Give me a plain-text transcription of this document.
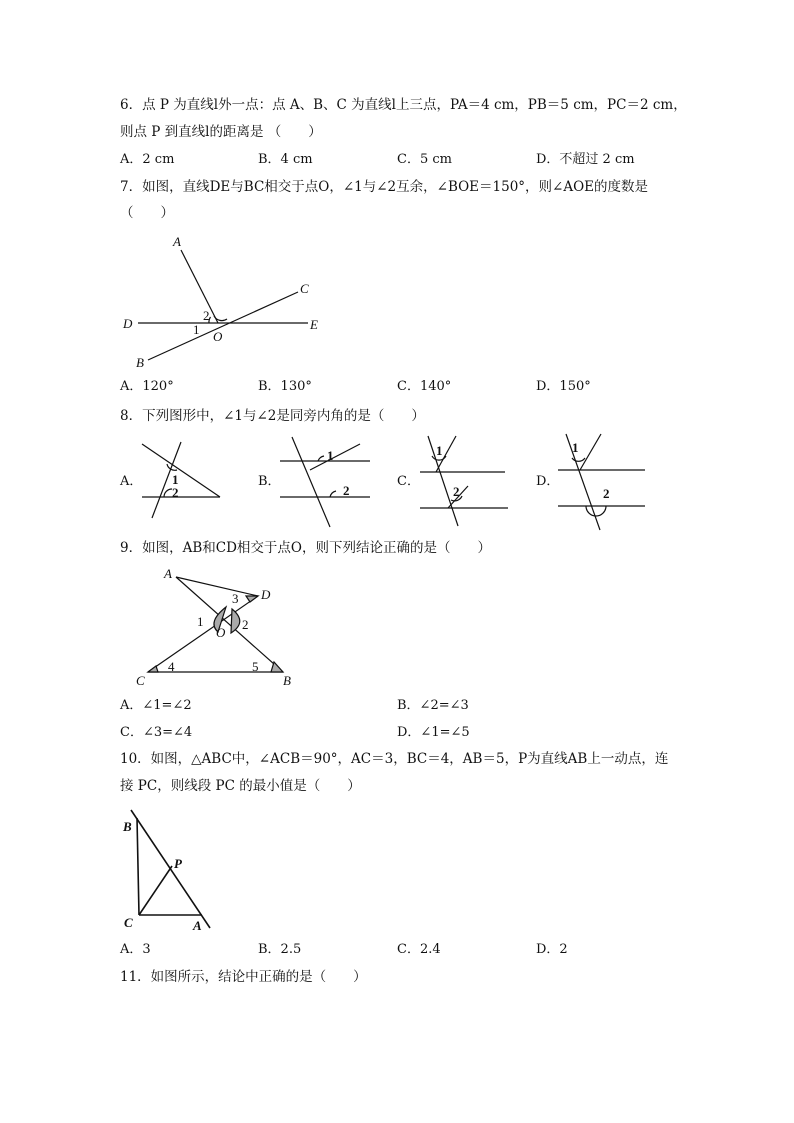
6．点 P 为直线l外一点：点 A、B、C 为直线l上三点，PA＝4 cm，PB＝5 cm，PC＝2 cm，
则点 P 到直线l的距离是 （　　）
A．2 cm	B．4 cm	C．5 cm	D．不超过 2 cm
7．如图，直线DE与BC相交于点O，∠1与∠2互余，∠BOE＝150°，则∠AOE的度数是
（　　）
A
C
D	E
B
O
1
2
A．120°	B．130°	C．140°	D．150°
8．下列图形中，∠1与∠2是同旁内角的是（　　）
A．	B．	C．	D．
1
2
1
2
1
2
1
2
9．如图，AB和CD相交于点O，则下列结论正确的是（　　）
A
D
O
C	B
1	2
3
4	5
A．∠1=∠2	B．∠2=∠3
C．∠3=∠4	D．∠1=∠5
10．如图，△ABC中，∠ACB＝90°，AC＝3，BC＝4，AB＝5，P为直线AB上一动点，连
接 PC，则线段 PC 的最小值是（　　）
B
P
C	A
A．3	B．2.5	C．2.4	D．2
11．如图所示，结论中正确的是（　　）
